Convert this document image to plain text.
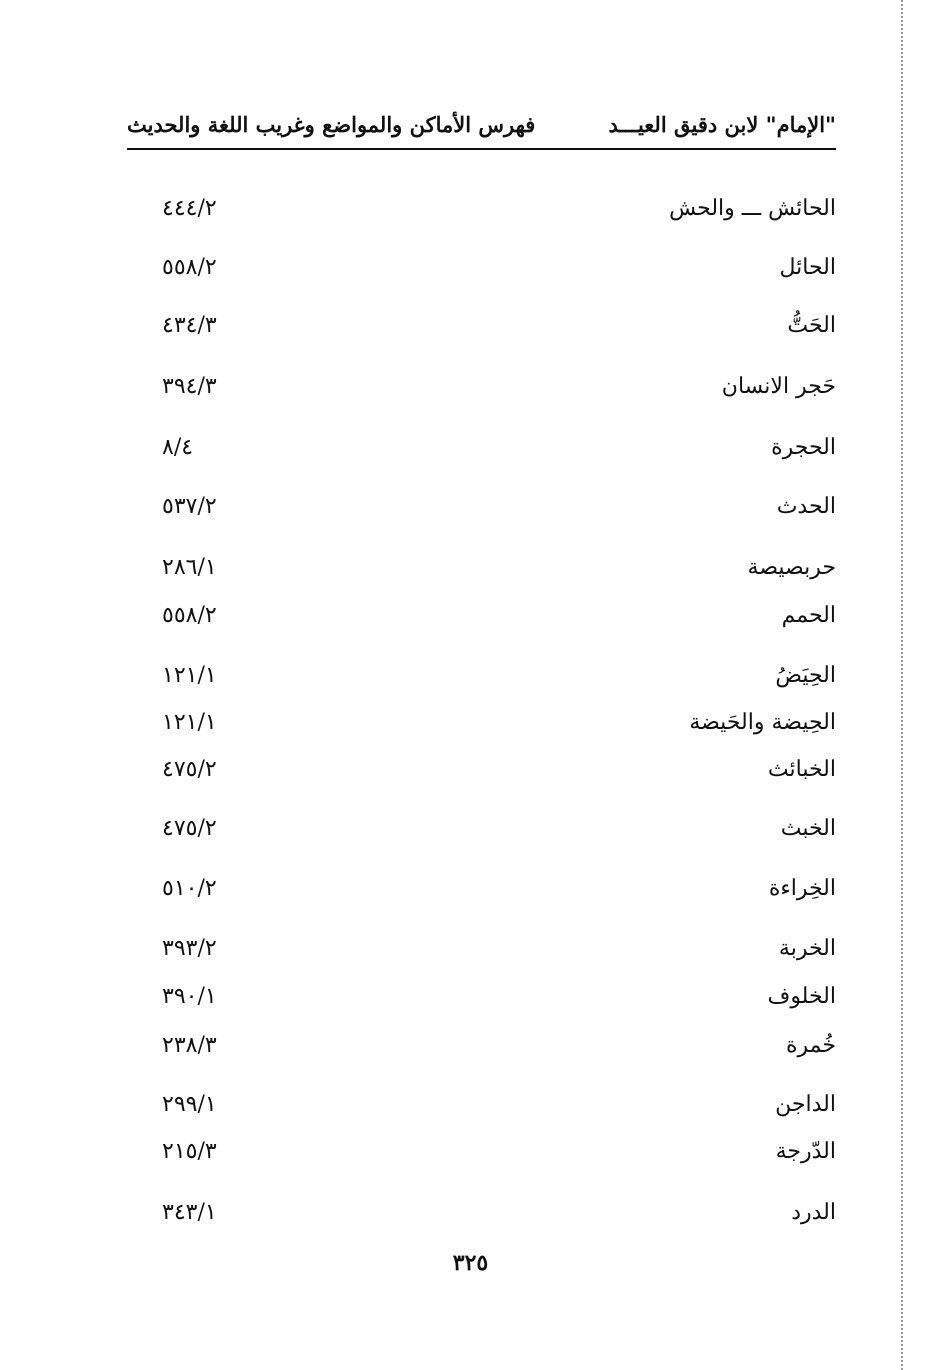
"الإمام" لابن دقيق العيـــد
فهرس الأماكن والمواضع وغريب اللغة والحديث
الحائش ـــ والحش
٤٤٤/٢
الحائل
٥٥٨/٢
الحَتُّ
٤٣٤/٣
حَجر الانسان
٣٩٤/٣
الحجرة
٨/٤
الحدث
٥٣٧/٢
حربصيصة
٢٨٦/١
الحمم
٥٥٨/٢
الحِيَضُ
١٢١/١
الحِيضة والحَيضة
١٢١/١
الخبائث
٤٧٥/٢
الخبث
٤٧٥/٢
الخِراءة
٥١٠/٢
الخربة
٣٩٣/٢
الخلوف
٣٩٠/١
خُمرة
٢٣٨/٣
الداجن
٢٩٩/١
الدّرجة
٢١٥/٣
الدرد
٣٤٣/١
٣٢٥
